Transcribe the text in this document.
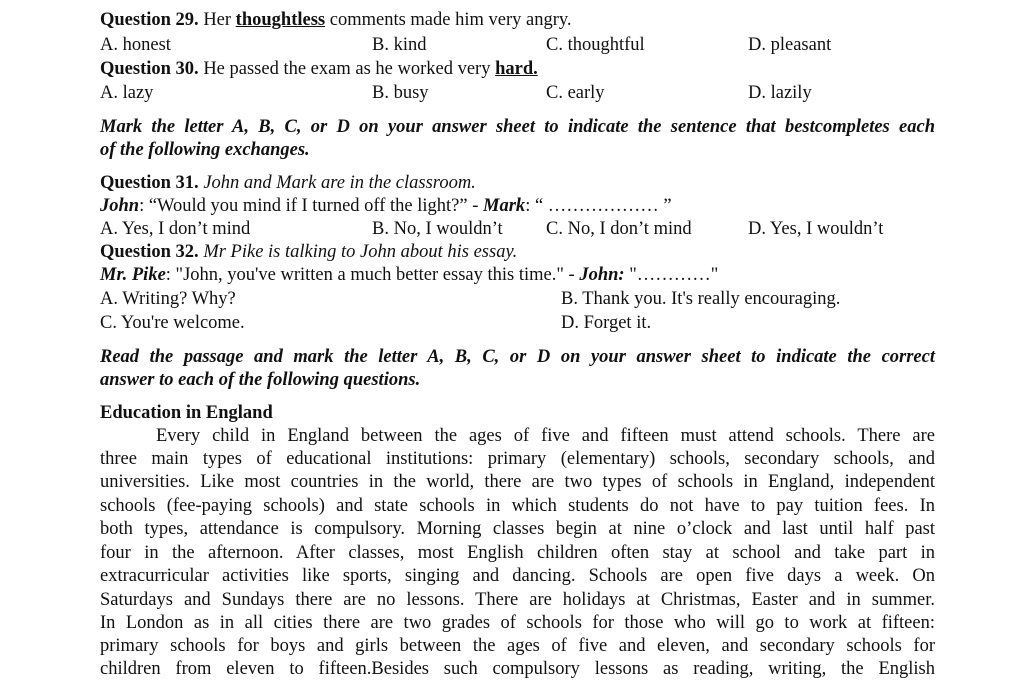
Question 29. Her thoughtless comments made him very angry.
A. honest	B. kind	C. thoughtful	D. pleasant
Question 30. He passed the exam as he worked very hard.
A. lazy	B. busy	C. early	D. lazily
Mark the letter A, B, C, or D on your answer sheet to indicate the sentence that bestcompletes each
of the following exchanges.
Question 31. John and Mark are in the classroom.
John: “Would you mind if I turned off the light?” - Mark: “ ……………… ”
A. Yes, I don’t mind	B. No, I wouldn’t C. No, I don’t mind	D. Yes, I wouldn’t
Question 32. Mr Pike is talking to John about his essay.
Mr. Pike: "John, you've written a much better essay this time." - John: "…………"
A. Writing? Why?	B. Thank you. It's really encouraging.
C. You're welcome.	D. Forget it.
Read the passage and mark the letter A, B, C, or D on your answer sheet to indicate the correct
answer to each of the following questions.
Education in England
Every child in England between the ages of five and fifteen must attend schools. There are
three main types of educational institutions: primary (elementary) schools, secondary schools, and
universities. Like most countries in the world, there are two types of schools in England, independent
schools (fee-paying schools) and state schools in which students do not have to pay tuition fees. In
both types, attendance is compulsory. Morning classes begin at nine o’clock and last until half past
four in the afternoon. After classes, most English children often stay at school and take part in
extracurricular activities like sports, singing and dancing. Schools are open five days a week. On
Saturdays and Sundays there are no lessons. There are holidays at Christmas, Easter and in summer.
In London as in all cities there are two grades of schools for those who will go to work at fifteen:
primary schools for boys and girls between the ages of five and eleven, and secondary schools for
children from eleven to fifteen.Besides such compulsory lessons as reading, writing, the English
